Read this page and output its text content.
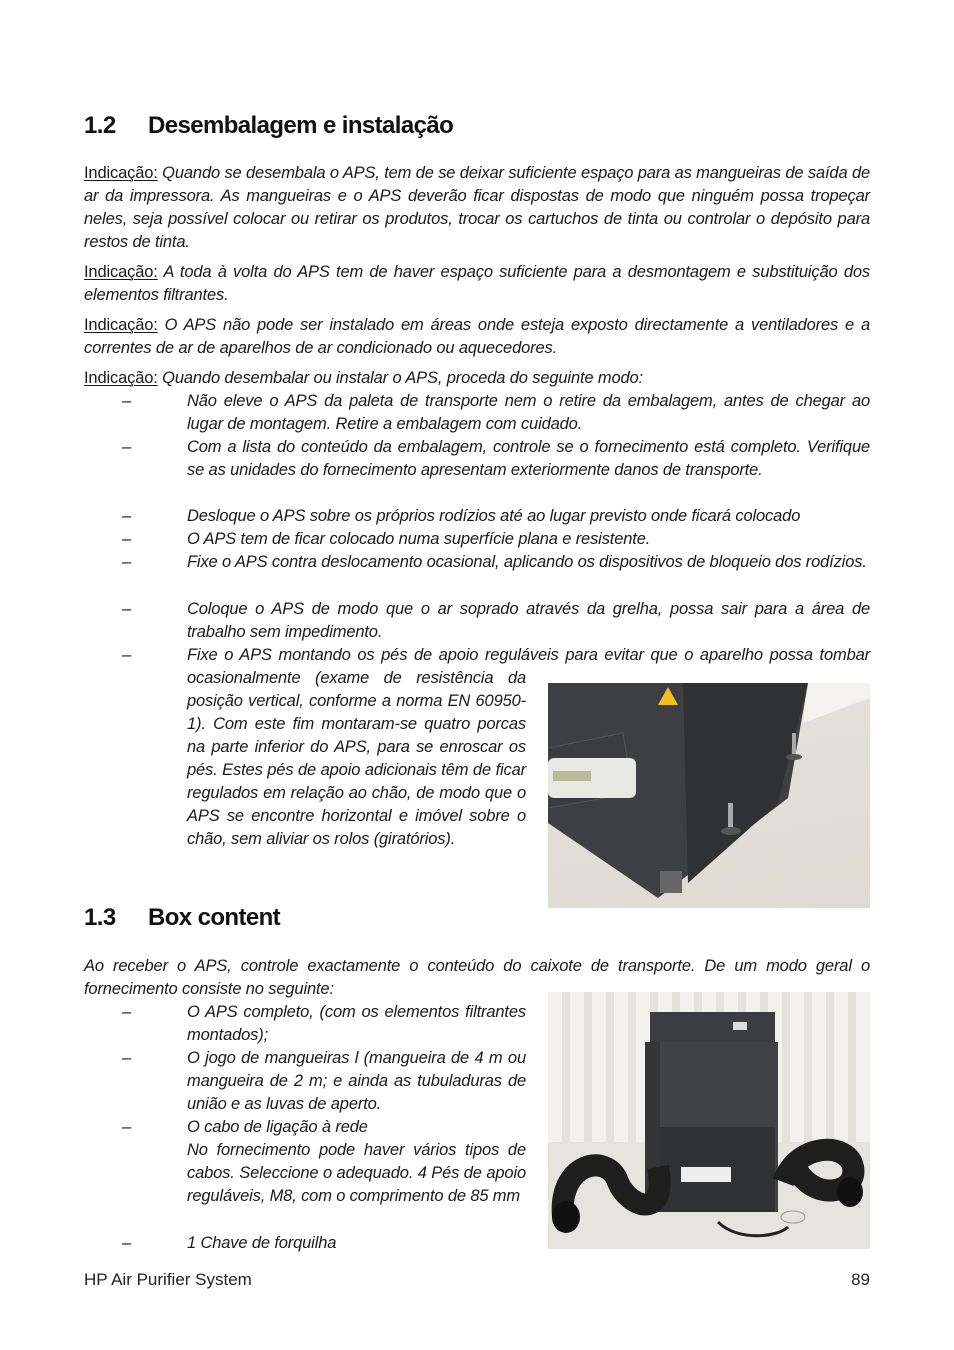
1.2 Desembalagem e instalação
Indicação: Quando se desembala o APS, tem de se deixar suficiente espaço para as mangueiras de saída de ar da impressora. As mangueiras e o APS deverão ficar dispostas de modo que ninguém possa tropeçar neles, seja possível colocar ou retirar os produtos, trocar os cartuchos de tinta ou controlar o depósito para restos de tinta.
Indicação: A toda à volta do APS tem de haver espaço suficiente para a desmontagem e substituição dos elementos filtrantes.
Indicação: O APS não pode ser instalado em áreas onde esteja exposto directamente a ventiladores e a correntes de ar de aparelhos de ar condicionado ou aquecedores.
Indicação: Quando desembalar ou instalar o APS, proceda do seguinte modo:
–	Não eleve o APS da paleta de transporte nem o retire da embalagem, antes de chegar ao lugar de montagem. Retire a embalagem com cuidado.
–	Com a lista do conteúdo da embalagem, controle se o fornecimento está completo. Verifique se as unidades do fornecimento apresentam exteriormente danos de transporte.
–	Desloque o APS sobre os próprios rodízios até ao lugar previsto onde ficará colocado
–	O APS tem de ficar colocado numa superfície plana e resistente.
–	Fixe o APS contra deslocamento ocasional, aplicando os dispositivos de bloqueio dos rodízios.
–	Coloque o APS de modo que o ar soprado através da grelha, possa sair para a área de trabalho sem impedimento.
–	Fixe o APS montando os pés de apoio reguláveis para evitar que o aparelho possa tombar ocasionalmente (exame de resistência da posição vertical, conforme a norma EN 60950-1). Com este fim montaram-se quatro porcas na parte inferior do APS, para se enroscar os pés. Estes pés de apoio adicionais têm de ficar regulados em relação ao chão, de modo que o APS se encontre horizontal e imóvel sobre o chão, sem aliviar os rolos (giratórios).
1.3 Box content
Ao receber o APS, controle exactamente o conteúdo do caixote de transporte. De um modo geral o fornecimento consiste no seguinte:
–	O APS completo, (com os elementos filtrantes montados);
–	O jogo de mangueiras l (mangueira de 4 m ou mangueira de 2 m; e ainda as tubuladuras de união e as luvas de aperto.
–	O cabo de ligação à rede
No fornecimento pode haver vários tipos de cabos. Seleccione o adequado. 4 Pés de apoio reguláveis, M8, com o comprimento de 85 mm
–	1 Chave de forquilha
HP Air Purifier System	89
